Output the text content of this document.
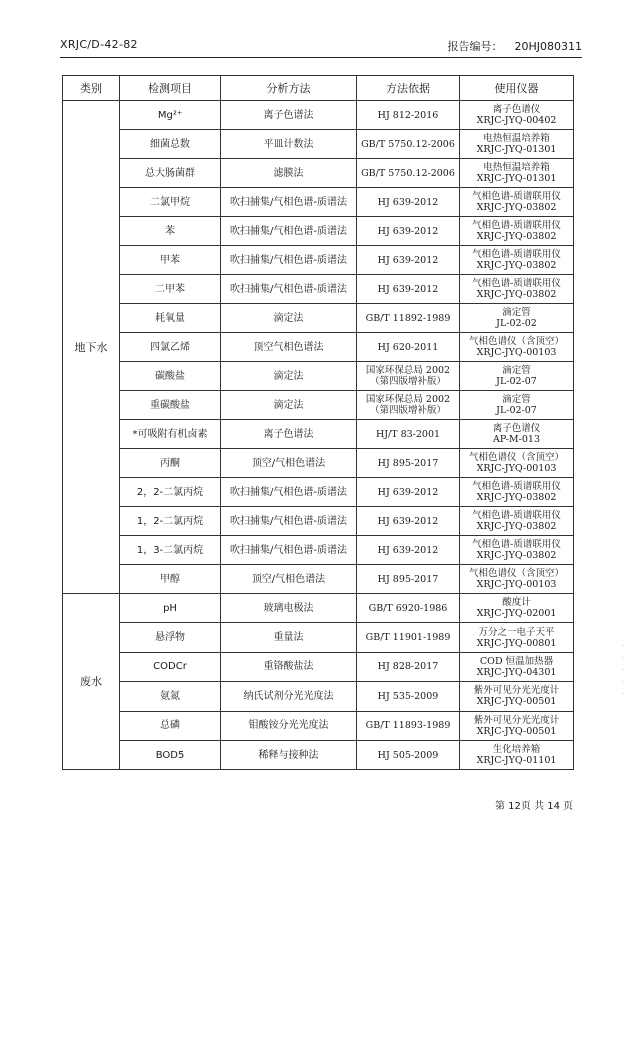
XRJC/D-42-82	报告编号： 20HJ080311
类别	检测项目	分析方法	方法依据	使用仪器
地下水	Mg²⁺	离子色谱法	HJ 812-2016	离子色谱仪
XRJC-JYQ-00402

	细菌总数	平皿计数法	GB/T 5750.12-2006	电热恒温培养箱
XRJC-JYQ-01301

	总大肠菌群	滤膜法	GB/T 5750.12-2006	电热恒温培养箱
XRJC-JYQ-01301

	二氯甲烷	吹扫捕集/气相色谱-质谱法	HJ 639-2012	气相色谱-质谱联用仪
XRJC-JYQ-03802

	苯	吹扫捕集/气相色谱-质谱法	HJ 639-2012	气相色谱-质谱联用仪
XRJC-JYQ-03802

	甲苯	吹扫捕集/气相色谱-质谱法	HJ 639-2012	气相色谱-质谱联用仪
XRJC-JYQ-03802

	二甲苯	吹扫捕集/气相色谱-质谱法	HJ 639-2012	气相色谱-质谱联用仪
XRJC-JYQ-03802

	耗氧量	滴定法	GB/T 11892-1989	滴定管
JL-02-02

	四氯乙烯	顶空气相色谱法	HJ 620-2011	气相色谱仪（含顶空）
XRJC-JYQ-00103

	碳酸盐	滴定法	国家环保总局 2002（第四版增补版）	滴定管
JL-02-07

	重碳酸盐	滴定法	国家环保总局 2002（第四版增补版）	滴定管
JL-02-07

	*可吸附有机卤素	离子色谱法	HJ/T 83-2001	离子色谱仪
AP-M-013

	丙酮	顶空/气相色谱法	HJ 895-2017	气相色谱仪（含顶空）
XRJC-JYQ-00103

	2，2-二氯丙烷	吹扫捕集/气相色谱-质谱法	HJ 639-2012	气相色谱-质谱联用仪
XRJC-JYQ-03802

	1，2-二氯丙烷	吹扫捕集/气相色谱-质谱法	HJ 639-2012	气相色谱-质谱联用仪
XRJC-JYQ-03802

	1，3-二氯丙烷	吹扫捕集/气相色谱-质谱法	HJ 639-2012	气相色谱-质谱联用仪
XRJC-JYQ-03802

	甲醇	顶空/气相色谱法	HJ 895-2017	气相色谱仪（含顶空）
XRJC-JYQ-00103

废水	pH	玻璃电极法	GB/T 6920-1986	酸度计
XRJC-JYQ-02001

	悬浮物	重量法	GB/T 11901-1989	万分之一电子天平
XRJC-JYQ-00801

	CODCr	重铬酸盐法	HJ 828-2017	COD 恒温加热器
XRJC-JYQ-04301

	氨氮	纳氏试剂分光光度法	HJ 535-2009	紫外可见分光光度计
XRJC-JYQ-00501

	总磷	钼酸铵分光光度法	GB/T 11893-1989	紫外可见分光光度计
XRJC-JYQ-00501

	BOD5	稀释与接种法	HJ 505-2009	生化培养箱
XRJC-JYQ-01101
第 12页 共 14 页
·
·
·
·
·
